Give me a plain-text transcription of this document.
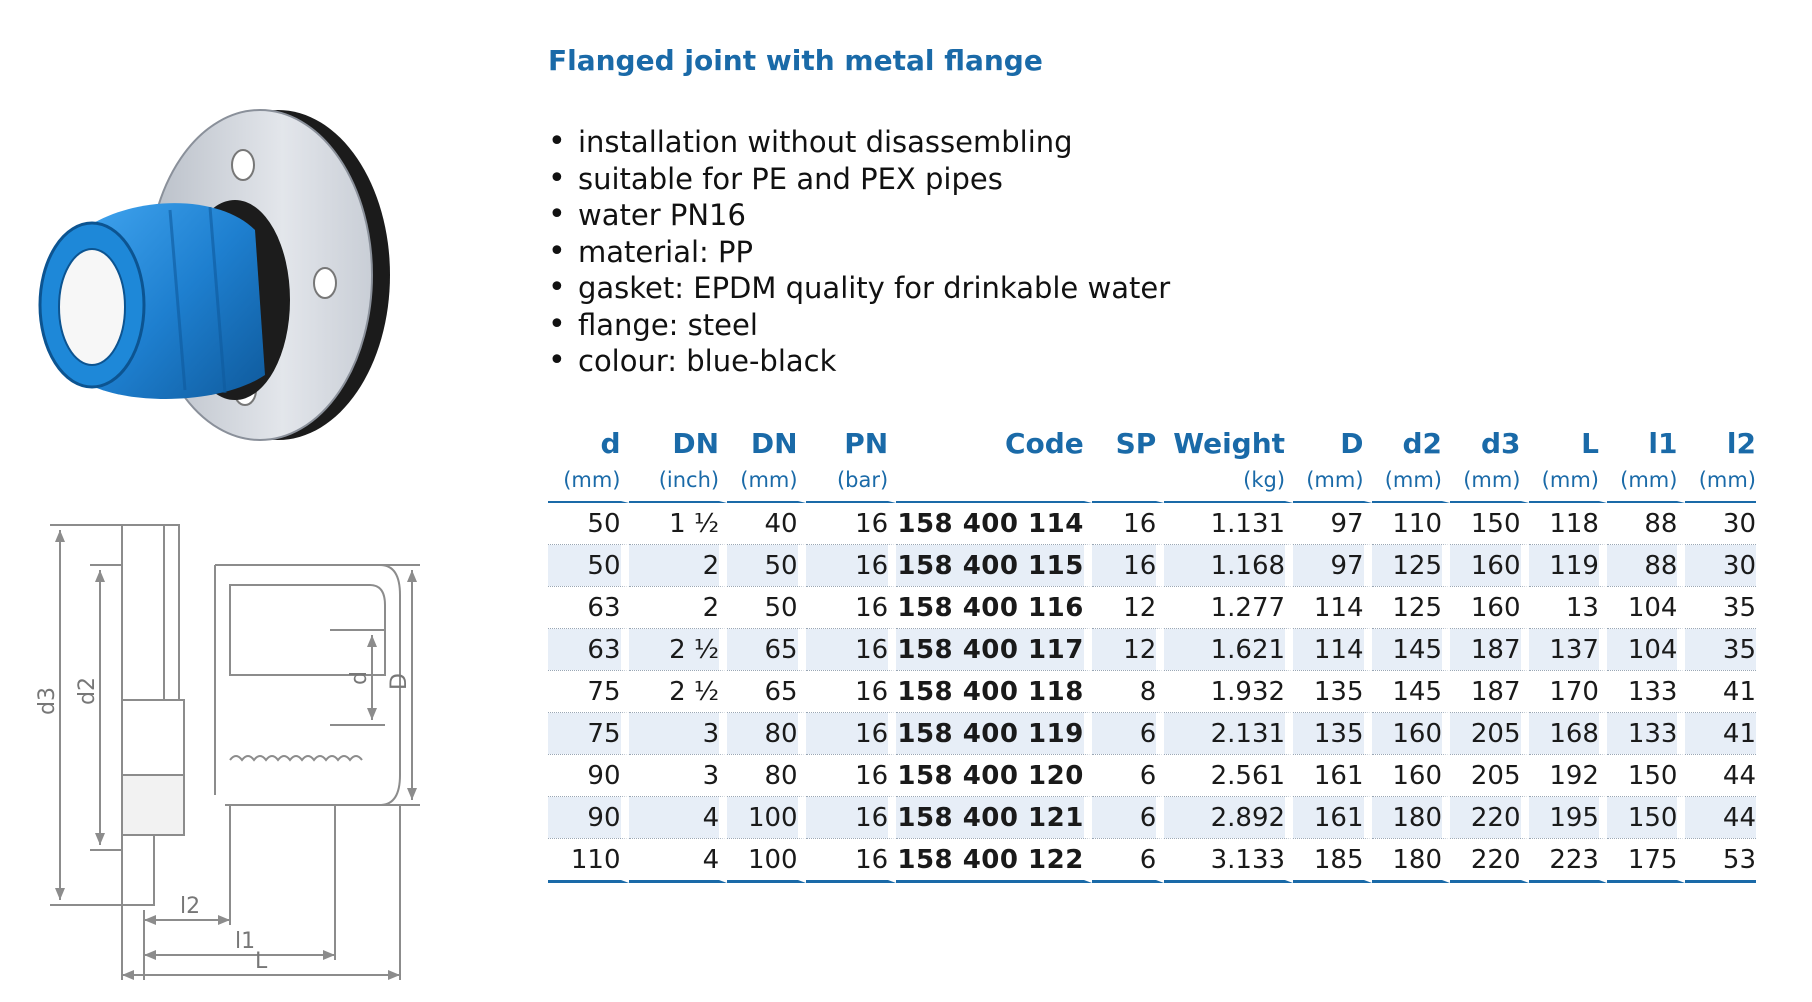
d3 d2	d D
l2
l1
L
Flanged joint with metal flange
• installation without disassembling
• suitable for PE and PEX pipes
• water PN16
• material: PP
• gasket: EPDM quality for drinkable water
• flange: steel
• colour: blue-black
d	DN	DN	PN	Code	SP	Weight	D	d2	d3	L	l1	l2
(mm)	(inch)	(mm)	(bar)			(kg)	(mm)	(mm)	(mm)	(mm)	(mm)	(mm)
50	1 ½	40	16	158 400 114	16	1.131	97	110	150	118	88	30
50	2	50	16	158 400 115	16	1.168	97	125	160	119	88	30
63	2	50	16	158 400 116	12	1.277	114	125	160	13	104	35
63	2 ½	65	16	158 400 117	12	1.621	114	145	187	137	104	35
75	2 ½	65	16	158 400 118	8	1.932	135	145	187	170	133	41
75	3	80	16	158 400 119	6	2.131	135	160	205	168	133	41
90	3	80	16	158 400 120	6	2.561	161	160	205	192	150	44
90	4	100	16	158 400 121	6	2.892	161	180	220	195	150	44
110	4	100	16	158 400 122	6	3.133	185	180	220	223	175	53
